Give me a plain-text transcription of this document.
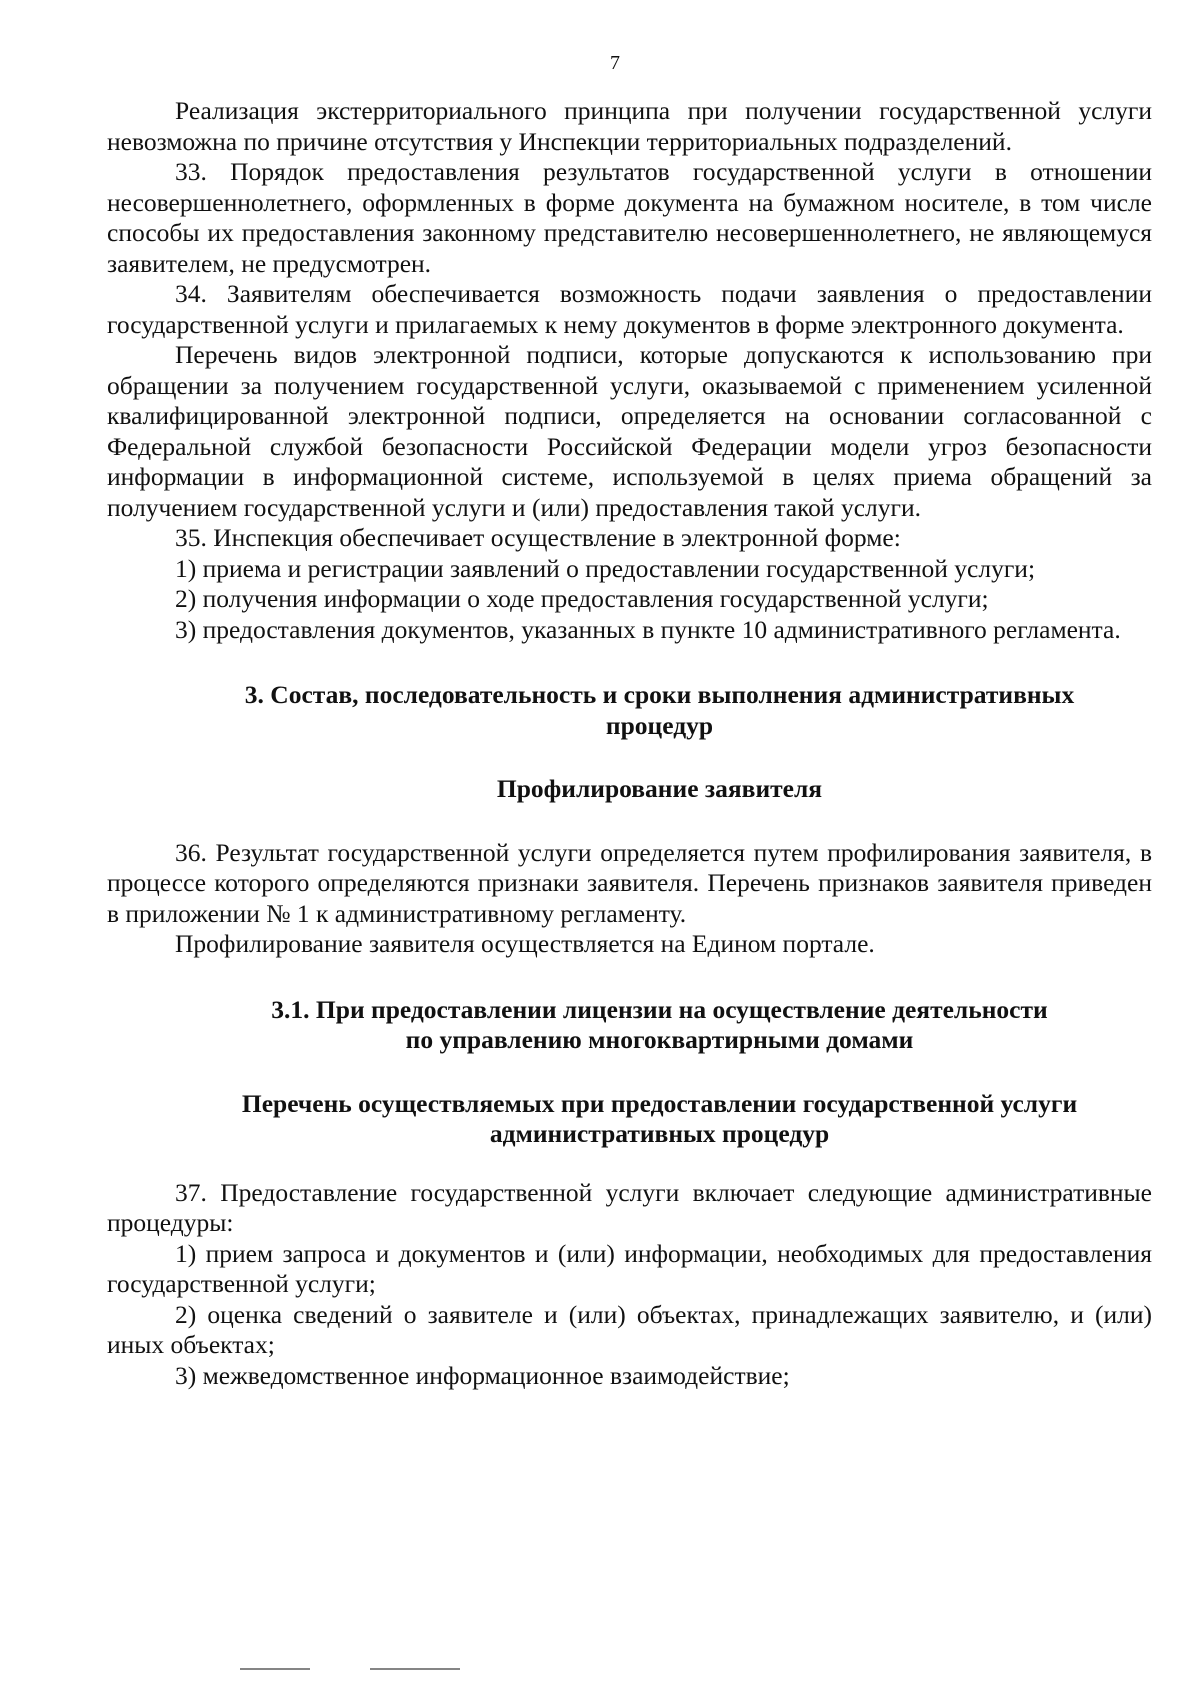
7

Реализация экстерриториального принципа при получении государственной услуги невозможна по причине отсутствия у Инспекции территориальных подразделений.

33. Порядок предоставления результатов государственной услуги в отношении несовершеннолетнего, оформленных в форме документа на бумажном носителе, в том числе способы их предоставления законному представителю несовершеннолетнего, не являющемуся заявителем, не предусмотрен.

34. Заявителям обеспечивается возможность подачи заявления о предоставлении государственной услуги и прилагаемых к нему документов в форме электронного документа.

Перечень видов электронной подписи, которые допускаются к использованию при обращении за получением государственной услуги, оказываемой с применением усиленной квалифицированной электронной подписи, определяется на основании согласованной с Федеральной службой безопасности Российской Федерации модели угроз безопасности информации в информационной системе, используемой в целях приема обращений за получением государственной услуги и (или) предоставления такой услуги.

35. Инспекция обеспечивает осуществление в электронной форме:

1) приема и регистрации заявлений о предоставлении государственной услуги;

2) получения информации о ходе предоставления государственной услуги;

3) предоставления документов, указанных в пункте 10 административного регламента.

3. Состав, последовательность и сроки выполнения административных
процедур

Профилирование заявителя

36. Результат государственной услуги определяется путем профилирования заявителя, в процессе которого определяются признаки заявителя. Перечень признаков заявителя приведен в приложении № 1 к административному регламенту.

Профилирование заявителя осуществляется на Едином портале.

3.1. При предоставлении лицензии на осуществление деятельности
по управлению многоквартирными домами

Перечень осуществляемых при предоставлении государственной услуги
административных процедур

37. Предоставление государственной услуги включает следующие административные процедуры:

1) прием запроса и документов и (или) информации, необходимых для предоставления государственной услуги;

2) оценка сведений о заявителе и (или) объектах, принадлежащих заявителю, и (или) иных объектах;

3) межведомственное информационное взаимодействие;
